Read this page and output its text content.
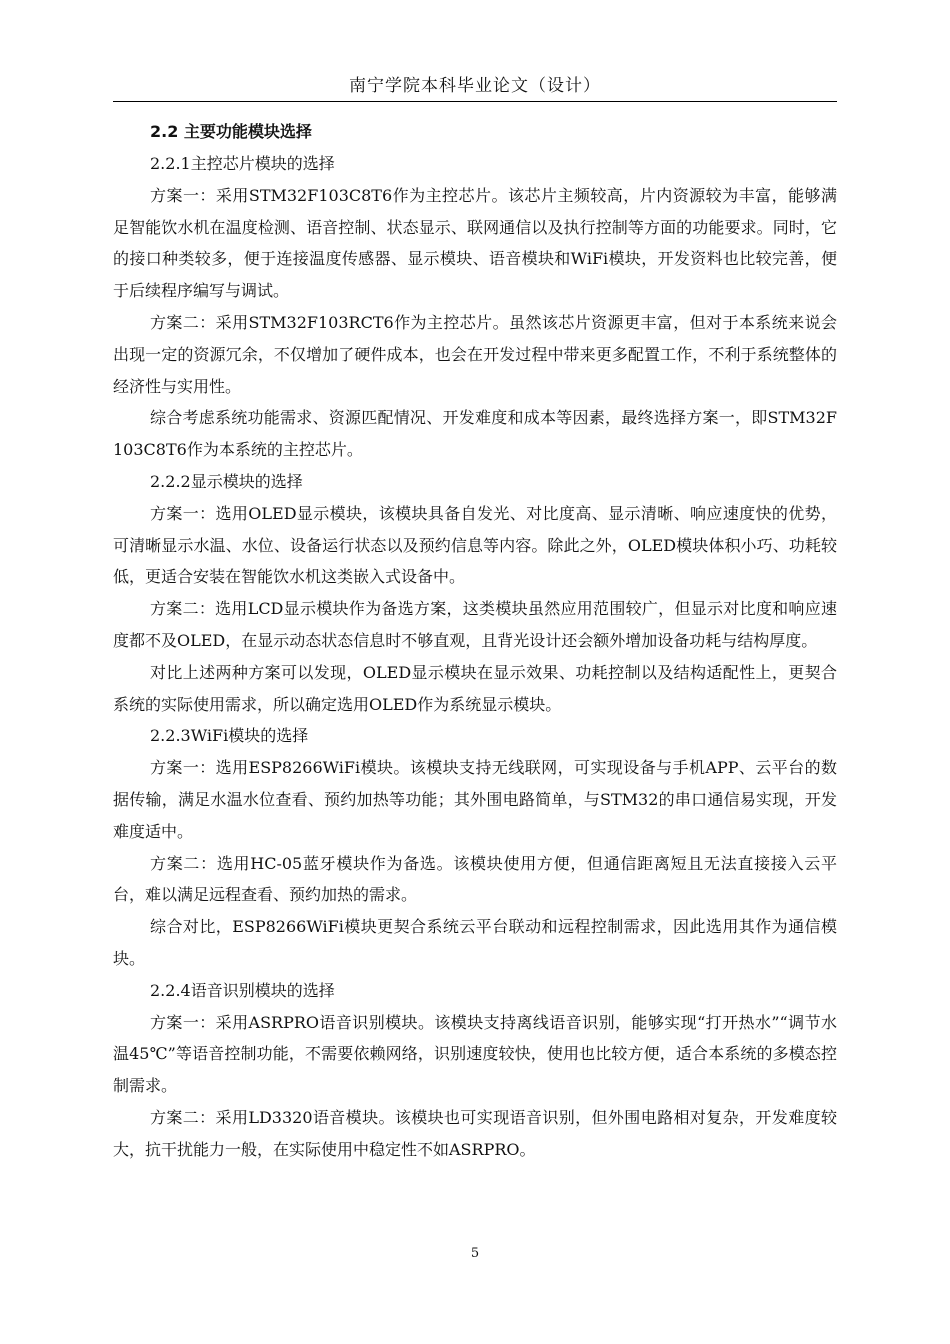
南宁学院本科毕业论文（设计）
2.2 主要功能模块选择
2.2.1主控芯片模块的选择

方案一：采用STM32F103C8T6作为主控芯片。该芯片主频较高，片内资源较为丰富，能够满足智能饮水机在温度检测、语音控制、状态显示、联网通信以及执行控制等方面的功能要求。同时，它的接口种类较多，便于连接温度传感器、显示模块、语音模块和WiFi模块，开发资料也比较完善，便于后续程序编写与调试。

方案二：采用STM32F103RCT6作为主控芯片。虽然该芯片资源更丰富，但对于本系统来说会出现一定的资源冗余，不仅增加了硬件成本，也会在开发过程中带来更多配置工作，不利于系统整体的经济性与实用性。

综合考虑系统功能需求、资源匹配情况、开发难度和成本等因素，最终选择方案一，即STM32F103C8T6作为本系统的主控芯片。

2.2.2显示模块的选择

方案一：选用OLED显示模块，该模块具备自发光、对比度高、显示清晰、响应速度快的优势，可清晰显示水温、水位、设备运行状态以及预约信息等内容。除此之外，OLED模块体积小巧、功耗较低，更适合安装在智能饮水机这类嵌入式设备中。

方案二：选用LCD显示模块作为备选方案，这类模块虽然应用范围较广，但显示对比度和响应速度都不及OLED，在显示动态状态信息时不够直观，且背光设计还会额外增加设备功耗与结构厚度。

对比上述两种方案可以发现，OLED显示模块在显示效果、功耗控制以及结构适配性上，更契合系统的实际使用需求，所以确定选用OLED作为系统显示模块。

2.2.3WiFi模块的选择

方案一：选用ESP8266WiFi模块。该模块支持无线联网，可实现设备与手机APP、云平台的数据传输，满足水温水位查看、预约加热等功能；其外围电路简单，与STM32的串口通信易实现，开发难度适中。

方案二：选用HC-05蓝牙模块作为备选。该模块使用方便，但通信距离短且无法直接接入云平台，难以满足远程查看、预约加热的需求。

综合对比，ESP8266WiFi模块更契合系统云平台联动和远程控制需求，因此选用其作为通信模块。

2.2.4语音识别模块的选择

方案一：采用ASRPRO语音识别模块。该模块支持离线语音识别，能够实现“打开热水”“调节水温45℃”等语音控制功能，不需要依赖网络，识别速度较快，使用也比较方便，适合本系统的多模态控制需求。

方案二：采用LD3320语音模块。该模块也可实现语音识别，但外围电路相对复杂，开发难度较大，抗干扰能力一般，在实际使用中稳定性不如ASRPRO。

5
